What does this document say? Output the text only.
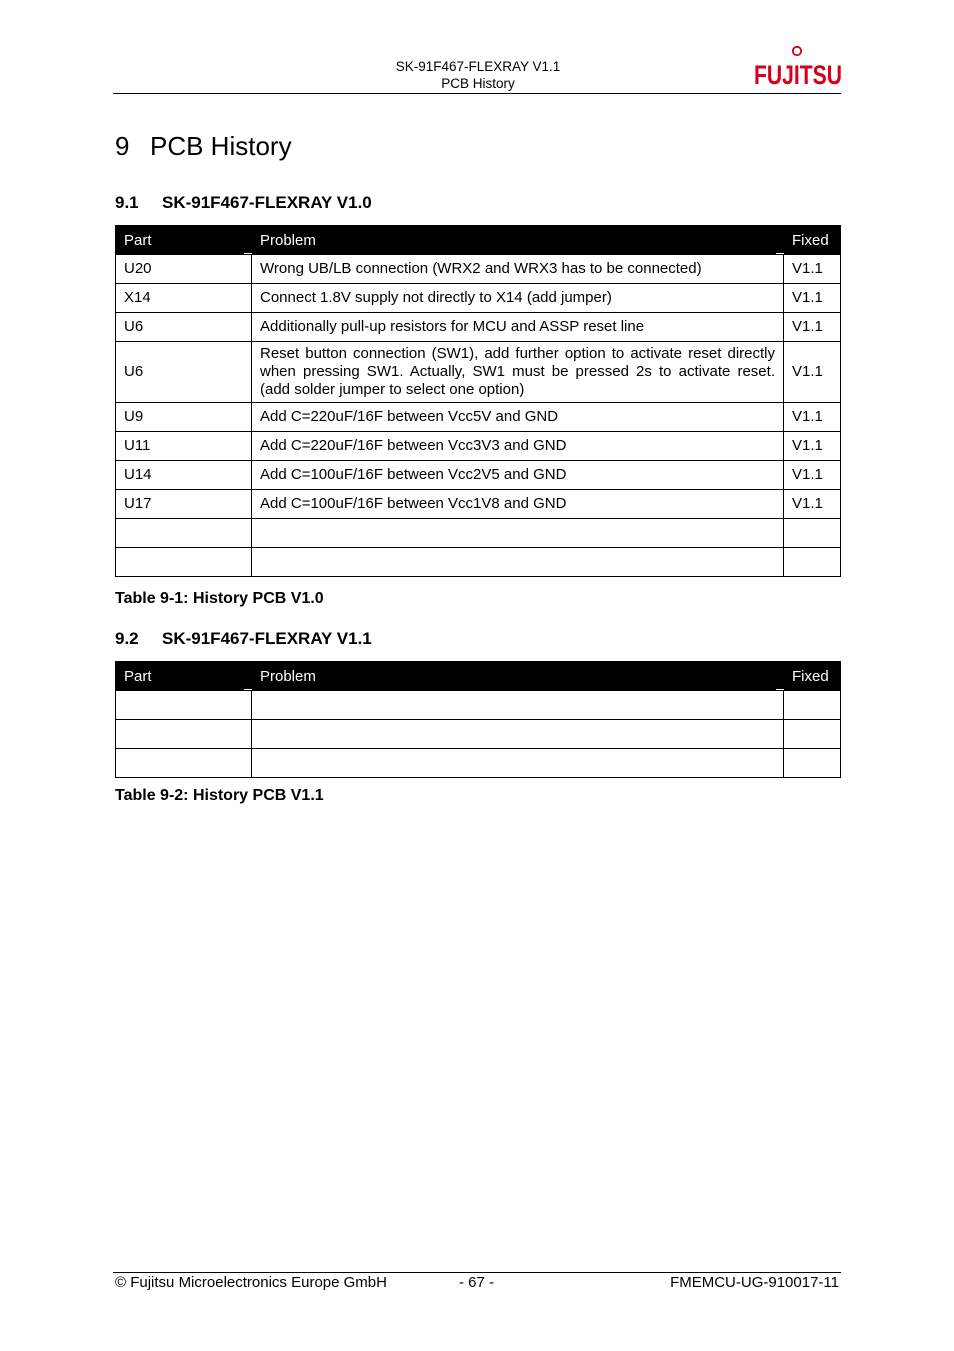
SK-91F467-FLEXRAY V1.1
PCB History	FUJITSU
9 PCB History
9.1 SK-91F467-FLEXRAY V1.0
Part	Problem	Fixed
U20	Wrong UB/LB connection (WRX2 and WRX3 has to be connected)	V1.1
X14	Connect 1.8V supply not directly to X14 (add jumper)	V1.1
U6	Additionally pull-up resistors for MCU and ASSP reset line	V1.1
U6	Reset button connection (SW1), add further option to activate reset directly when pressing SW1. Actually, SW1 must be pressed 2s to activate reset. (add solder jumper to select one option)	V1.1
U9	Add C=220uF/16F between Vcc5V and GND	V1.1
U11	Add C=220uF/16F between Vcc3V3 and GND	V1.1
U14	Add C=100uF/16F between Vcc2V5 and GND	V1.1
U17	Add C=100uF/16F between Vcc1V8 and GND	V1.1

Table 9-1: History PCB V1.0
9.2 SK-91F467-FLEXRAY V1.1
Part	Problem	Fixed

Table 9-2: History PCB V1.1
© Fujitsu Microelectronics Europe GmbH	- 67 -	FMEMCU-UG-910017-11
